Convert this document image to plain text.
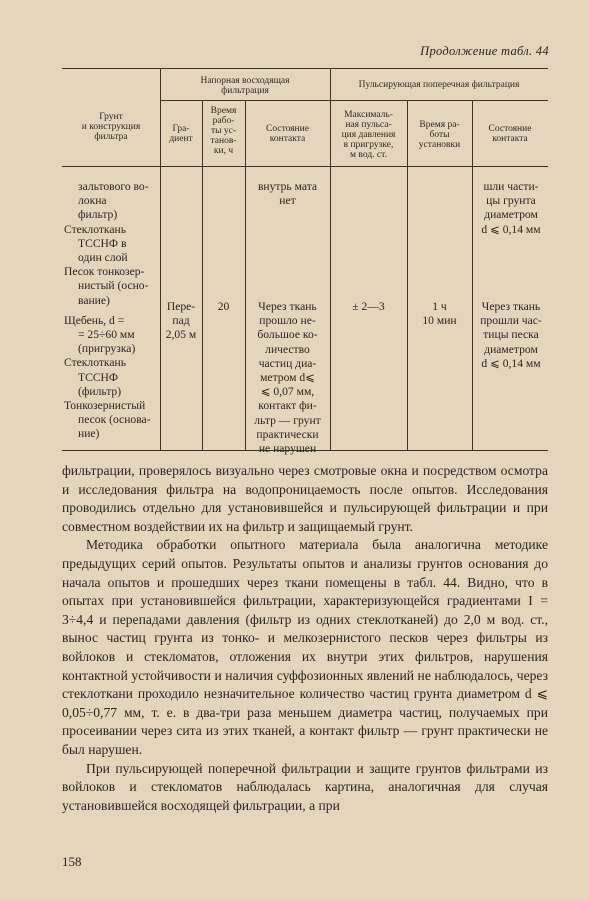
Продолжение табл. 44
Грунт
и конструкция
фильтра
Напорная восходящая
фильтрация
Пульсирующая поперечная фильтрация
Гра-
диент
Время
рабо-
ты ус-
танов-
ки, ч
Состояние
контакта
Максималь-
ная пульса-
ция давления
в пригрузке,
м вод. ст.
Время ра-
боты
установки
Состояние
контакта
зальтового во-
локна
фильтр)
Стеклоткань
ТССНФ в
один слой
Песок тонкозер-
нистый (осно-
вание)
Щебень, d =
= 25÷60 мм
(пригрузка)
Стеклоткань
ТССНФ
(фильтр)
Тонкозернистый
песок (основа-
ние)
внутрь мата
нет
шли части-
цы грунта
диаметром
d ⩽ 0,14 мм
Пере-
пад
2,05 м
20	Через ткань
прошло не-
большое ко-
личество
частиц диа-
метром d⩽
⩽ 0,07 мм,
контакт фи-
льтр — грунт
практически
не нарушен
± 2—3	1 ч
10 мин
Через ткань
прошли час-
тицы песка
диаметром
d ⩽ 0,14 мм

фильтрации, проверялось визуально через смотровые окна и посредством осмотра и исследования фильтра на водопроницаемость после опытов. Исследования проводились отдельно для установившейся и пульсирующей фильтрации и при совместном воздействии их на фильтр и защищаемый грунт.

Методика обработки опытного материала была аналогична методике предыдущих серий опытов. Результаты опытов и анализы грунтов основания до начала опытов и прошедших через ткани помещены в табл. 44. Видно, что в опытах при установившейся фильтрации, характеризующейся градиентами I = 3÷4,4 и перепадами давления (фильтр из одних стеклотканей) до 2,0 м вод. ст., вынос частиц грунта из тонко- и мелкозернистого песков через фильтры из войлоков и стекломатов, отложения их внутри этих фильтров, нарушения контактной устойчивости и наличия суффозионных явлений не наблюдалось, через стеклоткани проходило незначительное количество частиц грунта диаметром d ⩽ 0,05÷0,77 мм, т. е. в два-три раза меньшем диаметра частиц, получаемых при просеивании через сита из этих тканей, а контакт фильтр — грунт практически не был нарушен.

При пульсирующей поперечной фильтрации и защите грунтов фильтрами из войлоков и стекломатов наблюдалась картина, аналогичная для случая установившейся восходящей фильтрации, а при

158
